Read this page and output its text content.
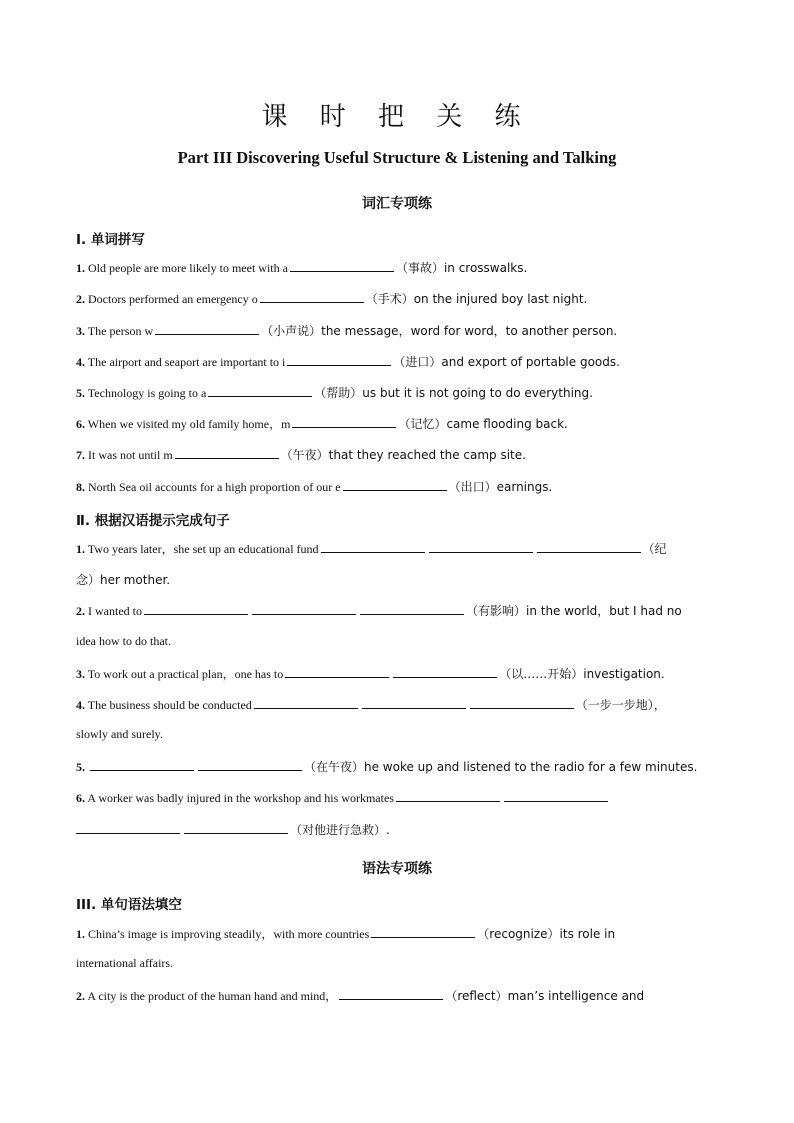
课 时 把 关 练
Part III Discovering Useful Structure & Listening and Talking
词汇专项练
Ⅰ. 单词拼写
1. Old people are more likely to meet with a	（事故）in crosswalks.
2. Doctors performed an emergency o	（手术）on the injured boy last night.
3. The person w	（小声说）the message，word for word，to another person.
4. The airport and seaport are important to i	（进口）and export of portable goods.
5. Technology is going to a	（帮助）us but it is not going to do everything.
6. When we visited my old family home，m	（记忆）came flooding back.
7. It was not until m	（午夜）that they reached the camp site.
8. North Sea oil accounts for a high proportion of our e	（出口）earnings.
Ⅱ. 根据汉语提示完成句子
1. Two years later，she set up an educational fund	（纪
念）her mother.
2. I wanted to	（有影响）in the world，but I had no
idea how to do that.
3. To work out a practical plan，one has to	（以……开始）investigation.
4. The business should be conducted	（一步一步地），
slowly and surely.
5.	（在午夜）he woke up and listened to the radio for a few minutes.
6. A worker was badly injured in the workshop and his workmates
（对他进行急救）.
语法专项练
III. 单句语法填空
1. China’s image is improving steadily，with more countries	（recognize）its role in
international affairs.
2. A city is the product of the human hand and mind，	（reflect）man’s intelligence and
